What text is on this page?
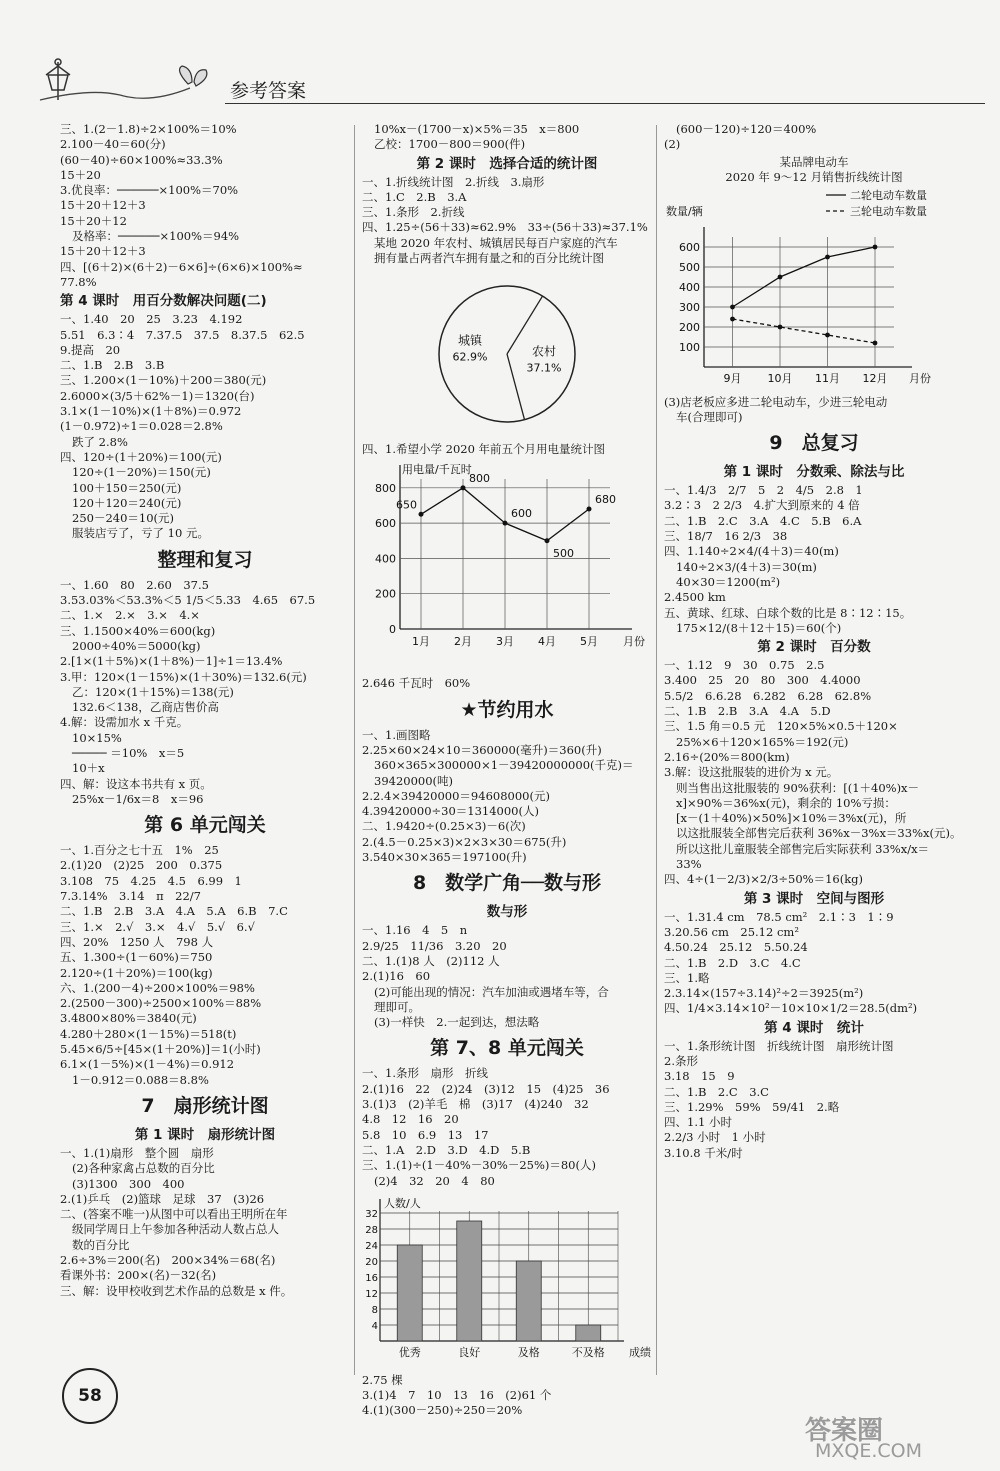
参考答案
三、1.(2－1.8)÷2×100%＝10%
2.100－40＝60(分)
(60－40)÷60×100%≈33.3%
15＋20
3.优良率：──────×100%＝70%
15＋20＋12＋3
15＋20＋12
及格率：──────×100%＝94%
15＋20＋12＋3
四、[(6＋2)×(6＋2)－6×6]÷(6×6)×100%≈
77.8%
第 4 课时　用百分数解决问题(二)
一、1.40　20　25　3.23　4.192
5.51　6.3∶4　7.37.5　37.5　8.37.5　62.5
9.提高　20
二、1.B　2.B　3.B
三、1.200×(1－10%)＋200＝380(元)
2.6000×(3/5＋62%－1)＝1320(台)
3.1×(1－10%)×(1＋8%)＝0.972
(1－0.972)÷1＝0.028＝2.8%
跌了 2.8%
四、120÷(1＋20%)＝100(元)
120÷(1－20%)＝150(元)
100＋150＝250(元)
120＋120＝240(元)
250－240＝10(元)
服装店亏了，亏了 10 元。
整理和复习
一、1.60　80　2.60　37.5
3.53.03%＜53.3%＜5 1/5＜5.33　4.65　67.5
二、1.×　2.×　3.×　4.×
三、1.1500×40%＝600(kg)
2000÷40%＝5000(kg)
2.[1×(1＋5%)×(1＋8%)－1]÷1＝13.4%
3.甲：120×(1－15%)×(1＋30%)＝132.6(元)
乙：120×(1＋15%)＝138(元)
132.6＜138，乙商店售价高
4.解：设需加水 x 千克。
10×15%
───── ＝10%　x＝5
10＋x
四、解：设这本书共有 x 页。
25%x－1/6x＝8　x＝96
第 6 单元闯关
一、1.百分之七十五　1%　25
2.(1)20　(2)25　200　0.375
3.108　75　4.25　4.5　6.99　1
7.3.14%　3.14　π　22/7
二、1.B　2.B　3.A　4.A　5.A　6.B　7.C
三、1.×　2.√　3.×　4.√　5.√　6.√
四、20%　1250 人　798 人
五、1.300÷(1－60%)＝750
2.120÷(1＋20%)＝100(kg)
六、1.(200－4)÷200×100%＝98%
2.(2500－300)÷2500×100%＝88%
3.4800×80%＝3840(元)
4.280＋280×(1－15%)＝518(t)
5.45×6/5÷[45×(1＋20%)]＝1(小时)
6.1×(1－5%)×(1－4%)＝0.912
1－0.912＝0.088＝8.8%
7　扇形统计图
第 1 课时　扇形统计图
一、1.(1)扇形　整个圆　扇形
(2)各种家禽占总数的百分比
(3)1300　300　400
2.(1)乒乓　(2)篮球　足球　37　(3)26
二、(答案不唯一)从图中可以看出王明所在年
级同学周日上午参加各种活动人数占总人
数的百分比
2.6÷3%＝200(名)　200×34%＝68(名)
看课外书：200×(名)－32(名)
三、解：设甲校收到艺术作品的总数是 x 件。
10%x－(1700－x)×5%＝35　x＝800
乙校：1700－800＝900(件)
第 2 课时　选择合适的统计图
一、1.折线统计图　2.折线　3.扇形
二、1.C　2.B　3.A
三、1.条形　2.折线
四、1.25÷(56＋33)≈62.9%　33÷(56＋33)≈37.1%
某地 2020 年农村、城镇居民每百户家庭的汽车
拥有量占两者汽车拥有量之和的百分比统计图
农村
37.1%
城镇
62.9%
四、1.希望小学 2020 年前五个月用电量统计图
用电量/千瓦时
0
200
400
600
800
1月 2月 3月 4月 5月 月份
650
800
600
500
680
2.646 千瓦时　60%
★节约用水
一、1.画图略
2.25×60×24×10＝360000(毫升)＝360(升)
360×365×300000×1－39420000000(千克)＝
39420000(吨)
2.2.4×39420000＝94608000(元)
4.39420000÷30＝1314000(人)
二、1.9420÷(0.25×3)－6(次)
2.(4.5－0.25×3)×2×3×30＝675(升)
3.540×30×365＝197100(升)
8　数学广角──数与形
数与形
一、1.16　4　5　n
2.9/25　11/36　3.20　20
二、1.(1)8 人　(2)112 人
2.(1)16　60
(2)可能出现的情况：汽车加油或遇堵车等，合
理即可。
(3)一样快　2.一起到达，想法略
第 7、8 单元闯关
一、1.条形　扇形　折线
2.(1)16　22　(2)24　(3)12　15　(4)25　36
3.(1)3　(2)羊毛　棉　(3)17　(4)240　32
4.8　12　16　20
5.8　10　6.9　13　17
二、1.A　2.D　3.D　4.D　5.B
三、1.(1)÷(1－40%－30%－25%)＝80(人)
(2)4　32　20　4　80
人数/人
4
8
12
16
20
24
28
32
优秀	良好	及格	不及格 成绩
2.75 棵
3.(1)4　7　10　13　16　(2)61 个
4.(1)(300－250)÷250＝20%
(600－120)÷120＝400%
(2)
某品牌电动车
2020 年 9～12 月销售折线统计图
二轮电动车数量
三轮电动车数量
数量/辆
100
200
300
400
500
600
9月 10月 11月 12月 月份
(3)店老板应多进二轮电动车，少进三轮电动
车(合理即可)
9　总复习
第 1 课时　分数乘、除法与比
一、1.4/3　2/7　5　2　4/5　2.8　1
3.2∶3　2 2/3　4.扩大到原来的 4 倍
二、1.B　2.C　3.A　4.C　5.B　6.A
三、18/7　16 2/3　38
四、1.140÷2×4/(4＋3)＝40(m)
140÷2×3/(4＋3)＝30(m)
40×30＝1200(m²)
2.4500 km
五、黄球、红球、白球个数的比是 8∶12∶15。
175×12/(8＋12＋15)＝60(个)
第 2 课时　百分数
一、1.12　9　30　0.75　2.5
3.400　25　20　80　300　4.4000
5.5/2　6.6.28　6.282　6.28　62.8%
二、1.B　2.B　3.A　4.A　5.D
三、1.5 角＝0.5 元　120×5%×0.5＋120×
25%×6＋120×165%＝192(元)
2.16÷(20%＝800(km)
3.解：设这批服装的进价为 x 元。
则当售出这批服装的 90%获利：[(1＋40%)x－
x]×90%＝36%x(元)，剩余的 10%亏损：
[x－(1＋40%)×50%]×10%＝3%x(元)，所
以这批服装全部售完后获利 36%x－3%x＝33%x(元)。
所以这批儿童服装全部售完后实际获利 33%x/x＝
33%
四、4÷(1－2/3)×2/3÷50%＝16(kg)
第 3 课时　空间与图形
一、1.31.4 cm　78.5 cm²　2.1∶3　1∶9
3.20.56 cm　25.12 cm²
4.50.24　25.12　5.50.24
二、1.B　2.D　3.C　4.C
三、1.略
2.3.14×(157÷3.14)²÷2＝3925(m²)
四、1/4×3.14×10²－10×10×1/2＝28.5(dm²)
第 4 课时　统计
一、1.条形统计图　折线统计图　扇形统计图
2.条形
3.18　15　9
二、1.B　2.C　3.C
三、1.29%　59%　59/41　2.略
四、1.1 小时
2.2/3 小时　1 小时
3.10.8 千米/时
58
答案圈
MXQE.COM
